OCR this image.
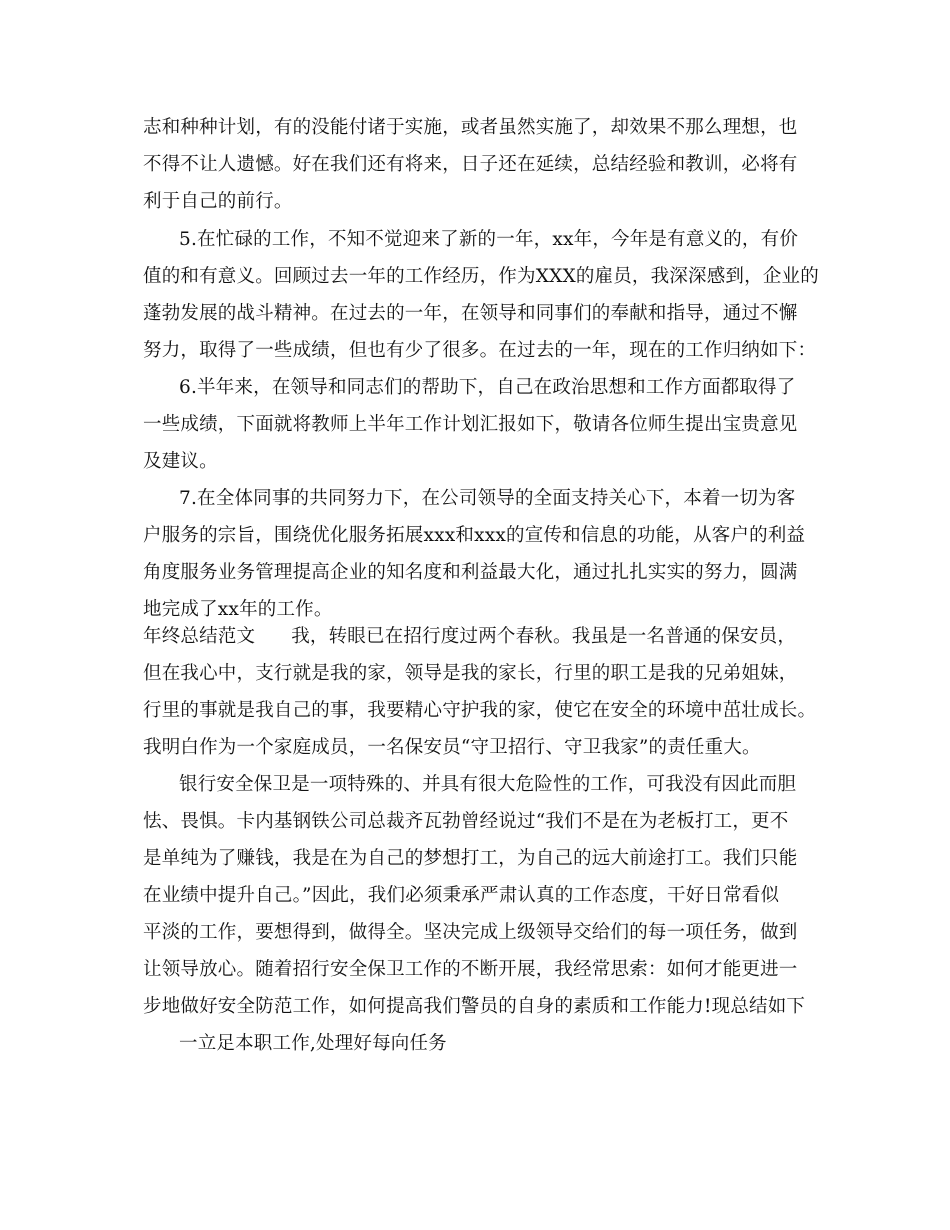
志和种种计划，有的没能付诸于实施，或者虽然实施了，却效果不那么理想，也
不得不让人遗憾。好在我们还有将来，日子还在延续，总结经验和教训，必将有
利于自己的前行。
5.在忙碌的工作，不知不觉迎来了新的一年，xx年，今年是有意义的，有价
值的和有意义。回顾过去一年的工作经历，作为XXX的雇员，我深深感到，企业的
蓬勃发展的战斗精神。在过去的一年，在领导和同事们的奉献和指导，通过不懈
努力，取得了一些成绩，但也有少了很多。在过去的一年，现在的工作归纳如下：
6.半年来，在领导和同志们的帮助下，自己在政治思想和工作方面都取得了
一些成绩，下面就将教师上半年工作计划汇报如下，敬请各位师生提出宝贵意见
及建议。
7.在全体同事的共同努力下，在公司领导的全面支持关心下，本着一切为客
户服务的宗旨，围绕优化服务拓展xxx和xxx的宣传和信息的功能，从客户的利益
角度服务业务管理提高企业的知名度和利益最大化，通过扎扎实实的努力，圆满
地完成了xx年的工作。
年终总结范文 我，转眼已在招行度过两个春秋。我虽是一名普通的保安员，
但在我心中，支行就是我的家，领导是我的家长，行里的职工是我的兄弟姐妹，
行里的事就是我自己的事，我要精心守护我的家，使它在安全的环境中茁壮成长。
我明白作为一个家庭成员，一名保安员“守卫招行、守卫我家”的责任重大。
银行安全保卫是一项特殊的、并具有很大危险性的工作，可我没有因此而胆
怯、畏惧。卡内基钢铁公司总裁齐瓦勃曾经说过“我们不是在为老板打工，更不
是单纯为了赚钱，我是在为自己的梦想打工，为自己的远大前途打工。我们只能
在业绩中提升自己。”因此，我们必须秉承严肃认真的工作态度，干好日常看似
平淡的工作，要想得到，做得全。坚决完成上级领导交给们的每一项任务，做到
让领导放心。随着招行安全保卫工作的不断开展，我经常思索：如何才能更进一
步地做好安全防范工作，如何提高我们警员的自身的素质和工作能力!现总结如下
一立足本职工作,处理好每向任务
